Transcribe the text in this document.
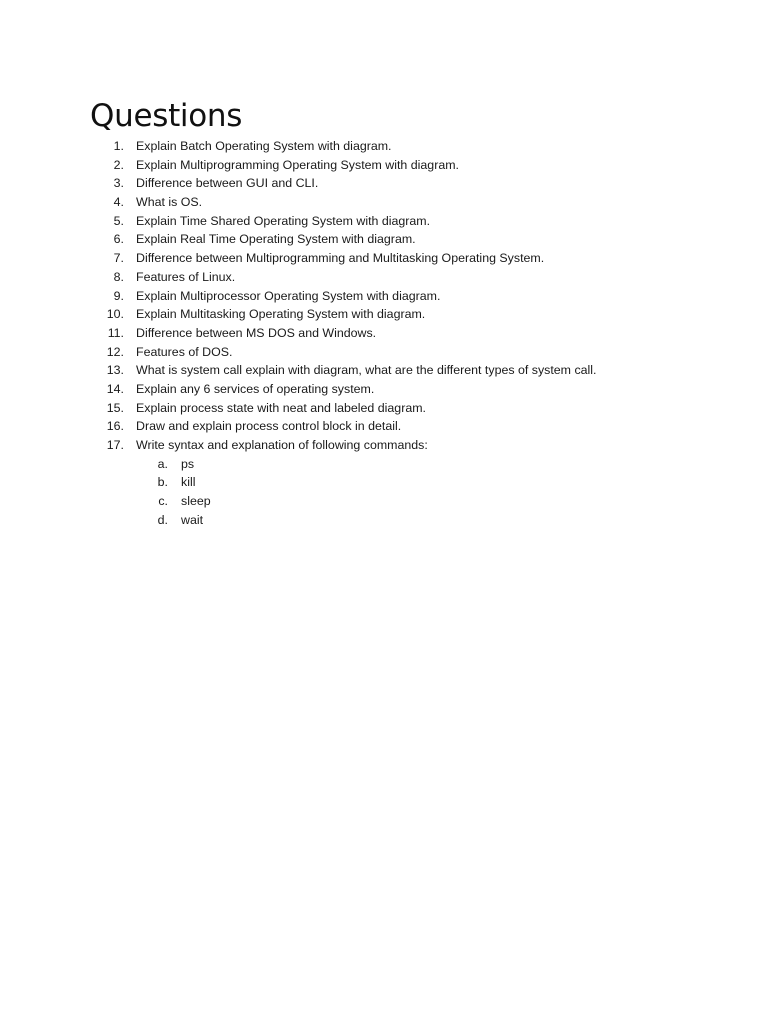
Questions
1. Explain Batch Operating System with diagram.
2. Explain Multiprogramming Operating System with diagram.
3. Difference between GUI and CLI.
4. What is OS.
5. Explain Time Shared Operating System with diagram.
6. Explain Real Time Operating System with diagram.
7. Difference between Multiprogramming and Multitasking Operating System.
8. Features of Linux.
9. Explain Multiprocessor Operating System with diagram.
10. Explain Multitasking Operating System with diagram.
11. Difference between MS DOS and Windows.
12. Features of DOS.
13. What is system call explain with diagram, what are the different types of system call.
14. Explain any 6 services of operating system.
15. Explain process state with neat and labeled diagram.
16. Draw and explain process control block in detail.
17. Write syntax and explanation of following commands:
a. ps
b. kill
c. sleep
d. wait
